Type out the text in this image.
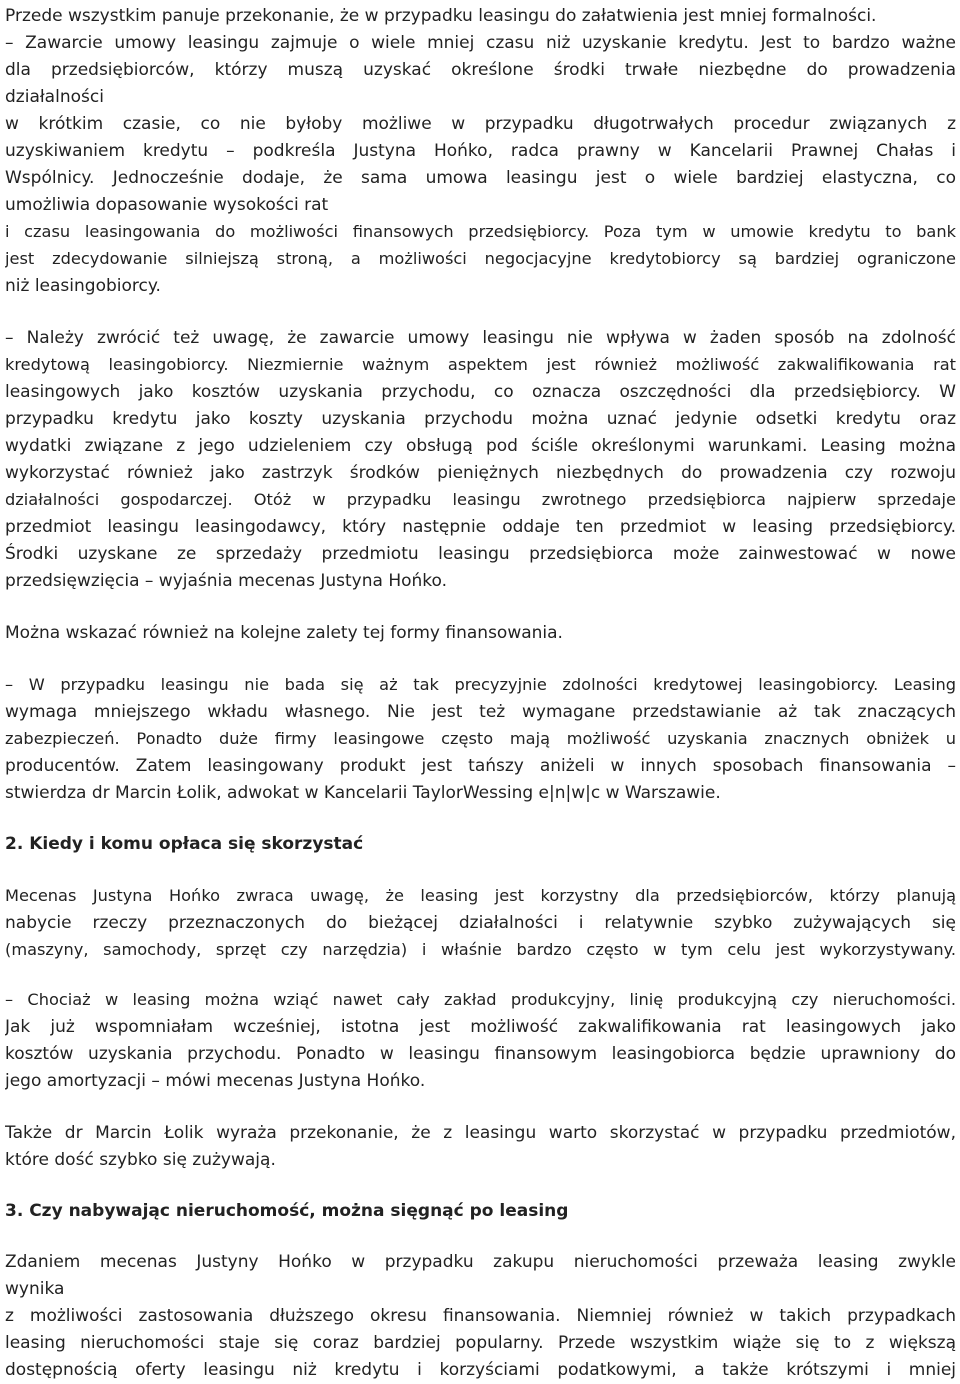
Przede wszystkim panuje przekonanie, że w przypadku leasingu do załatwienia jest mniej formalności.
– Zawarcie umowy leasingu zajmuje o wiele mniej czasu niż uzyskanie kredytu. Jest to bardzo ważne
dla przedsiębiorców, którzy muszą uzyskać określone środki trwałe niezbędne do prowadzenia
działalności
w krótkim czasie, co nie byłoby możliwe w przypadku długotrwałych procedur związanych z
uzyskiwaniem kredytu – podkreśla Justyna Hońko, radca prawny w Kancelarii Prawnej Chałas i
Wspólnicy. Jednocześnie dodaje, że sama umowa leasingu jest o wiele bardziej elastyczna, co
umożliwia dopasowanie wysokości rat
i czasu leasingowania do możliwości finansowych przedsiębiorcy. Poza tym w umowie kredytu to bank
jest zdecydowanie silniejszą stroną, a możliwości negocjacyjne kredytobiorcy są bardziej ograniczone
niż leasingobiorcy.
– Należy zwrócić też uwagę, że zawarcie umowy leasingu nie wpływa w żaden sposób na zdolność
kredytową leasingobiorcy. Niezmiernie ważnym aspektem jest również możliwość zakwalifikowania rat
leasingowych jako kosztów uzyskania przychodu, co oznacza oszczędności dla przedsiębiorcy. W
przypadku kredytu jako koszty uzyskania przychodu można uznać jedynie odsetki kredytu oraz
wydatki związane z jego udzieleniem czy obsługą pod ściśle określonymi warunkami. Leasing można
wykorzystać również jako zastrzyk środków pieniężnych niezbędnych do prowadzenia czy rozwoju
działalności gospodarczej. Otóż w przypadku leasingu zwrotnego przedsiębiorca najpierw sprzedaje
przedmiot leasingu leasingodawcy, który następnie oddaje ten przedmiot w leasing przedsiębiorcy.
Środki uzyskane ze sprzedaży przedmiotu leasingu przedsiębiorca może zainwestować w nowe
przedsięwzięcia – wyjaśnia mecenas Justyna Hońko.
Można wskazać również na kolejne zalety tej formy finansowania.
– W przypadku leasingu nie bada się aż tak precyzyjnie zdolności kredytowej leasingobiorcy. Leasing
wymaga mniejszego wkładu własnego. Nie jest też wymagane przedstawianie aż tak znaczących
zabezpieczeń. Ponadto duże firmy leasingowe często mają możliwość uzyskania znacznych obniżek u
producentów. Zatem leasingowany produkt jest tańszy aniżeli w innych sposobach finansowania –
stwierdza dr Marcin Łolik, adwokat w Kancelarii TaylorWessing e|n|w|c w Warszawie.
2. Kiedy i komu opłaca się skorzystać
Mecenas Justyna Hońko zwraca uwagę, że leasing jest korzystny dla przedsiębiorców, którzy planują
nabycie rzeczy przeznaczonych do bieżącej działalności i relatywnie szybko zużywających się
(maszyny, samochody, sprzęt czy narzędzia) i właśnie bardzo często w tym celu jest wykorzystywany.
– Chociaż w leasing można wziąć nawet cały zakład produkcyjny, linię produkcyjną czy nieruchomości.
Jak już wspomniałam wcześniej, istotna jest możliwość zakwalifikowania rat leasingowych jako
kosztów uzyskania przychodu. Ponadto w leasingu finansowym leasingobiorca będzie uprawniony do
jego amortyzacji – mówi mecenas Justyna Hońko.
Także dr Marcin Łolik wyraża przekonanie, że z leasingu warto skorzystać w przypadku przedmiotów,
które dość szybko się zużywają.
3. Czy nabywając nieruchomość, można sięgnąć po leasing
Zdaniem mecenas Justyny Hońko w przypadku zakupu nieruchomości przeważa leasing zwykle
wynika
z możliwości zastosowania dłuższego okresu finansowania. Niemniej również w takich przypadkach
leasing nieruchomości staje się coraz bardziej popularny. Przede wszystkim wiąże się to z większą
dostępnością oferty leasingu niż kredytu i korzyściami podatkowymi, a także krótszymi i mniej
